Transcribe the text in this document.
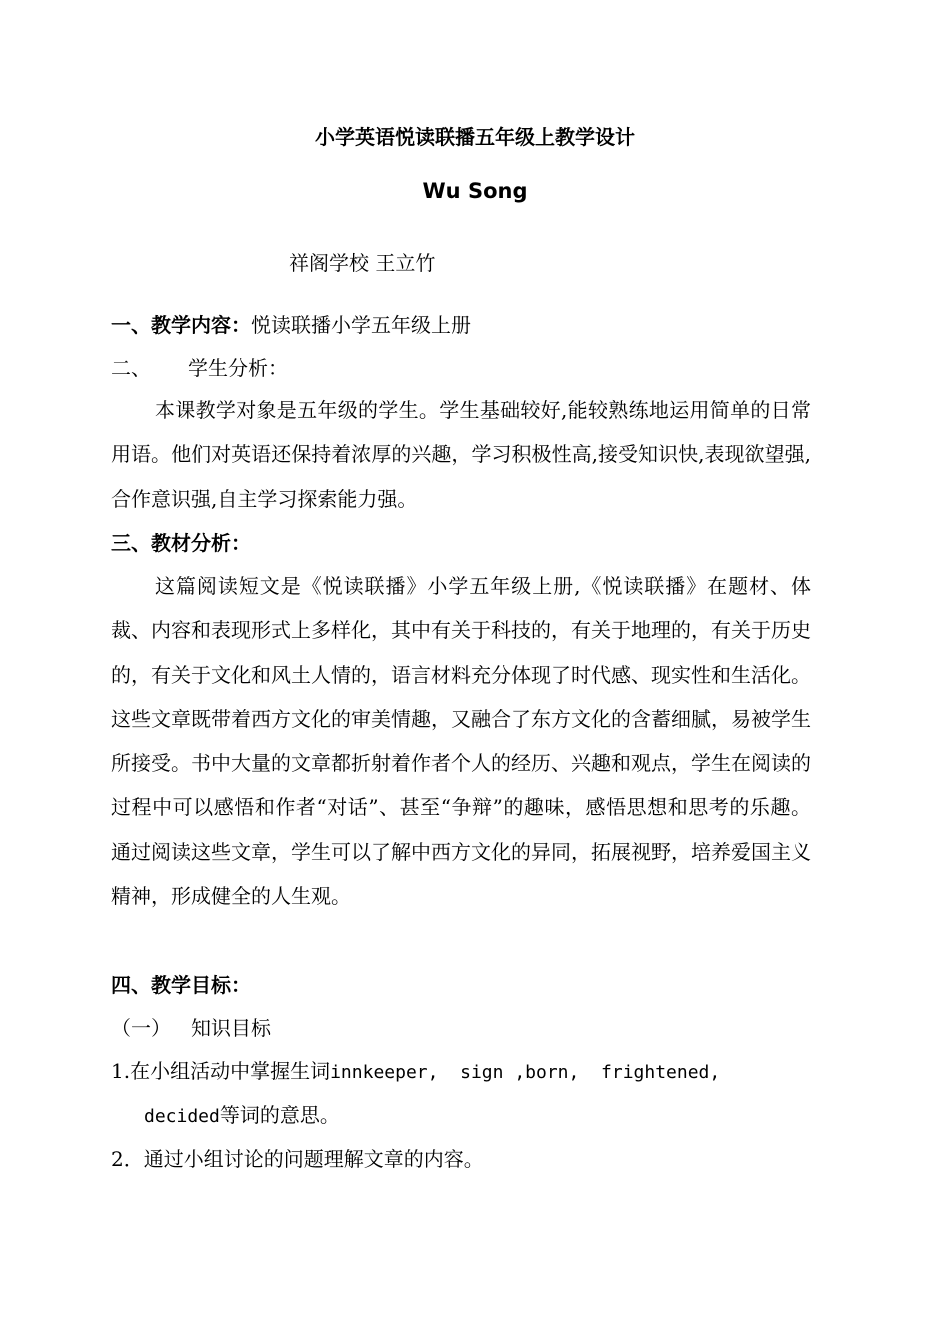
小学英语悦读联播五年级上教学设计
Wu Song
祥阁学校 王立竹
一、教学内容：悦读联播小学五年级上册
二、 学生分析：

本课教学对象是五年级的学生。学生基础较好,能较熟练地运用简单的日常用语。他们对英语还保持着浓厚的兴趣，学习积极性高,接受知识快,表现欲望强,合作意识强,自主学习探索能力强。

三、教材分析：

这篇阅读短文是《悦读联播》小学五年级上册,《悦读联播》在题材、体裁、内容和表现形式上多样化，其中有关于科技的，有关于地理的，有关于历史的，有关于文化和风土人情的，语言材料充分体现了时代感、现实性和生活化。这些文章既带着西方文化的审美情趣，又融合了东方文化的含蓄细腻，易被学生所接受。书中大量的文章都折射着作者个人的经历、兴趣和观点，学生在阅读的过程中可以感悟和作者“对话”、甚至“争辩”的趣味，感悟思想和思考的乐趣。通过阅读这些文章，学生可以了解中西方文化的异同，拓展视野，培养爱国主义精神，形成健全的人生观。

四、教学目标：
（一） 知识目标
1.在小组活动中掌握生词innkeeper,  sign ,born,  frightened,
decided等词的意思。
2．通过小组讨论的问题理解文章的内容。
